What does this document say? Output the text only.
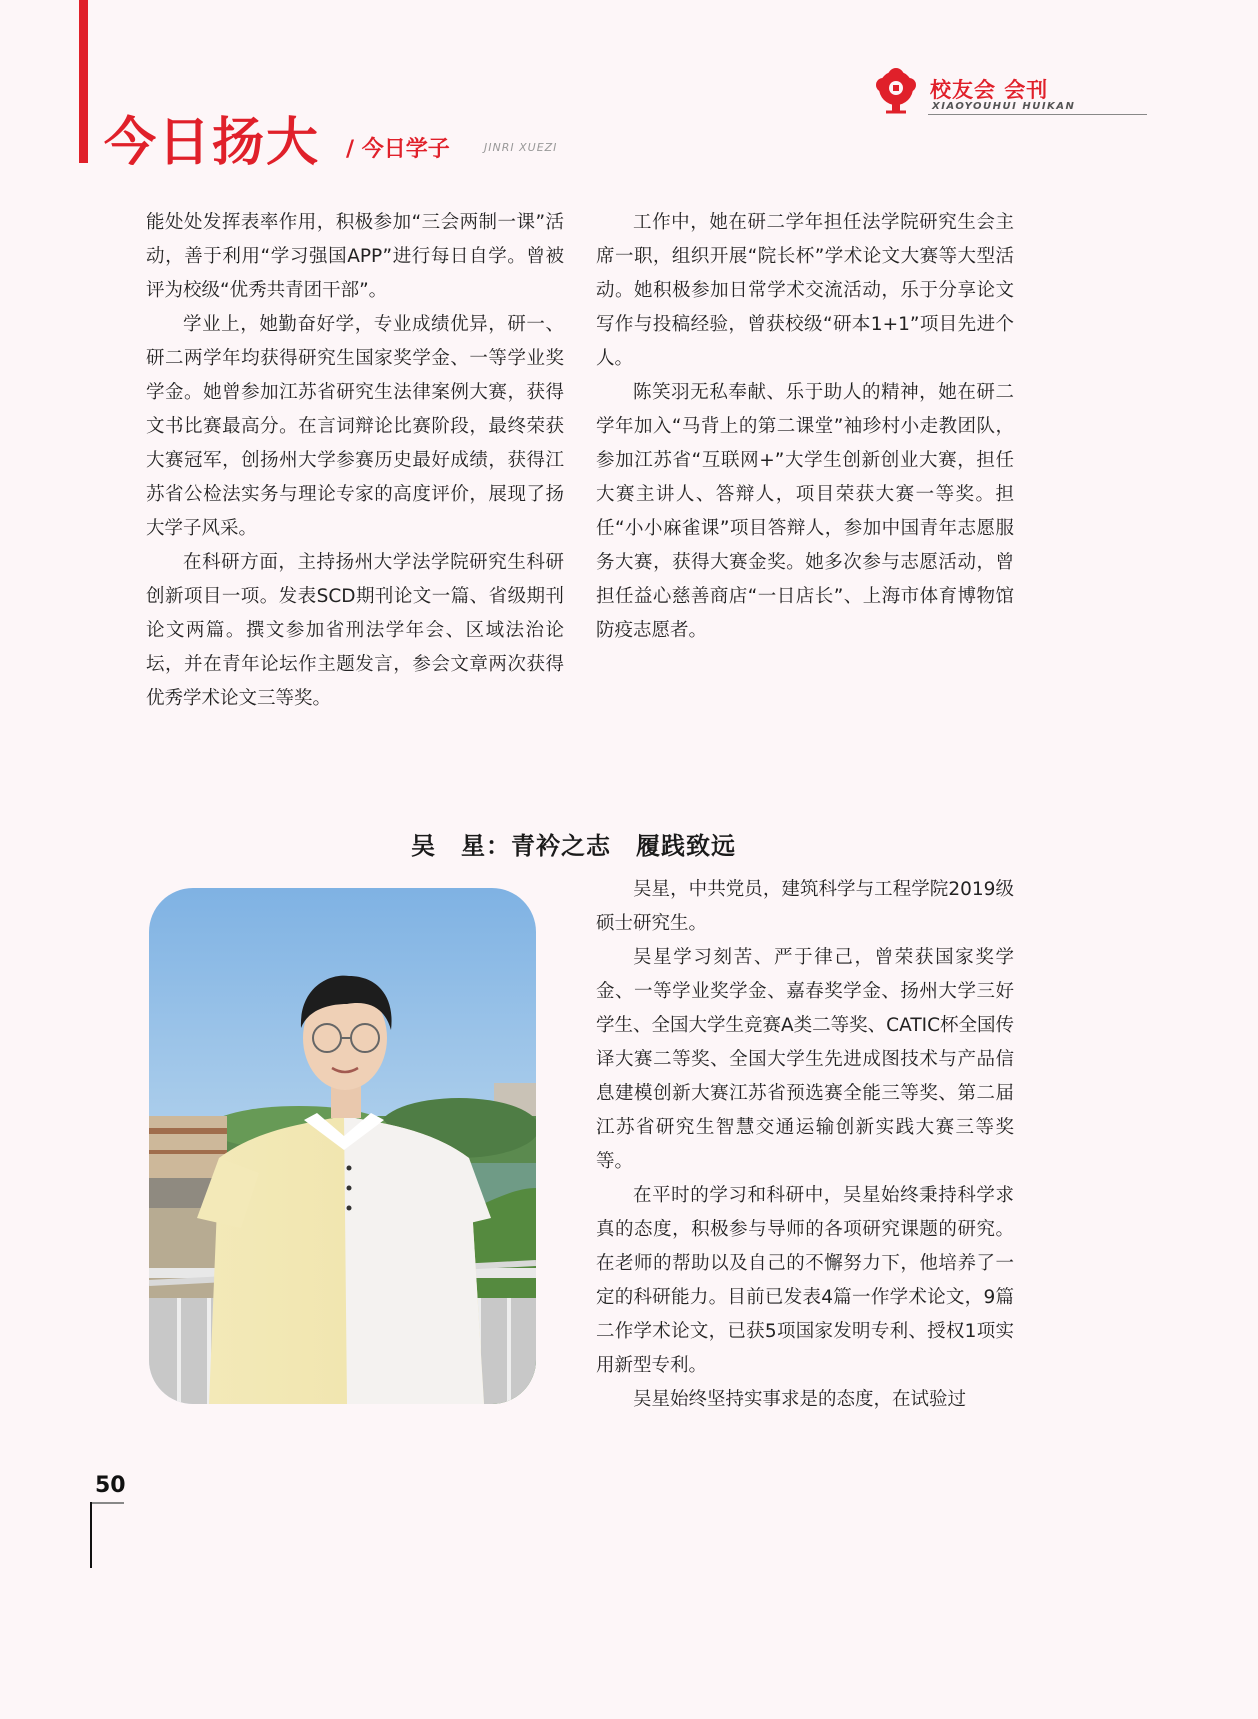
今日扬大 / 今日学子	JINRI XUEZI
校友会 会刊
XIAOYOUHUI HUIKAN

能处处发挥表率作用，积极参加“三会两制一课”活动，善于利用“学习强国APP”进行每日自学。曾被评为校级“优秀共青团干部”。

学业上，她勤奋好学，专业成绩优异，研一、研二两学年均获得研究生国家奖学金、一等学业奖学金。她曾参加江苏省研究生法律案例大赛，获得文书比赛最高分。在言词辩论比赛阶段，最终荣获大赛冠军，创扬州大学参赛历史最好成绩，获得江苏省公检法实务与理论专家的高度评价，展现了扬大学子风采。

在科研方面，主持扬州大学法学院研究生科研创新项目一项。发表SCD期刊论文一篇、省级期刊论文两篇。撰文参加省刑法学年会、区域法治论坛，并在青年论坛作主题发言，参会文章两次获得优秀学术论文三等奖。

工作中，她在研二学年担任法学院研究生会主席一职，组织开展“院长杯”学术论文大赛等大型活动。她积极参加日常学术交流活动，乐于分享论文写作与投稿经验，曾获校级“研本1+1”项目先进个人。

陈笑羽无私奉献、乐于助人的精神，她在研二学年加入“马背上的第二课堂”袖珍村小走教团队，参加江苏省“互联网+”大学生创新创业大赛，担任大赛主讲人、答辩人，项目荣获大赛一等奖。担任“小小麻雀课”项目答辩人，参加中国青年志愿服务大赛，获得大赛金奖。她多次参与志愿活动，曾担任益心慈善商店“一日店长”、上海市体育博物馆防疫志愿者。

吴　星：青衿之志　履践致远

吴星，中共党员，建筑科学与工程学院2019级硕士研究生。

吴星学习刻苦、严于律己，曾荣获国家奖学金、一等学业奖学金、嘉春奖学金、扬州大学三好学生、全国大学生竞赛A类二等奖、CATIC杯全国传译大赛二等奖、全国大学生先进成图技术与产品信息建模创新大赛江苏省预选赛全能三等奖、第二届江苏省研究生智慧交通运输创新实践大赛三等奖等。

在平时的学习和科研中，吴星始终秉持科学求真的态度，积极参与导师的各项研究课题的研究。在老师的帮助以及自己的不懈努力下，他培养了一定的科研能力。目前已发表4篇一作学术论文，9篇二作学术论文，已获5项国家发明专利、授权1项实用新型专利。

吴星始终坚持实事求是的态度，在试验过

50
